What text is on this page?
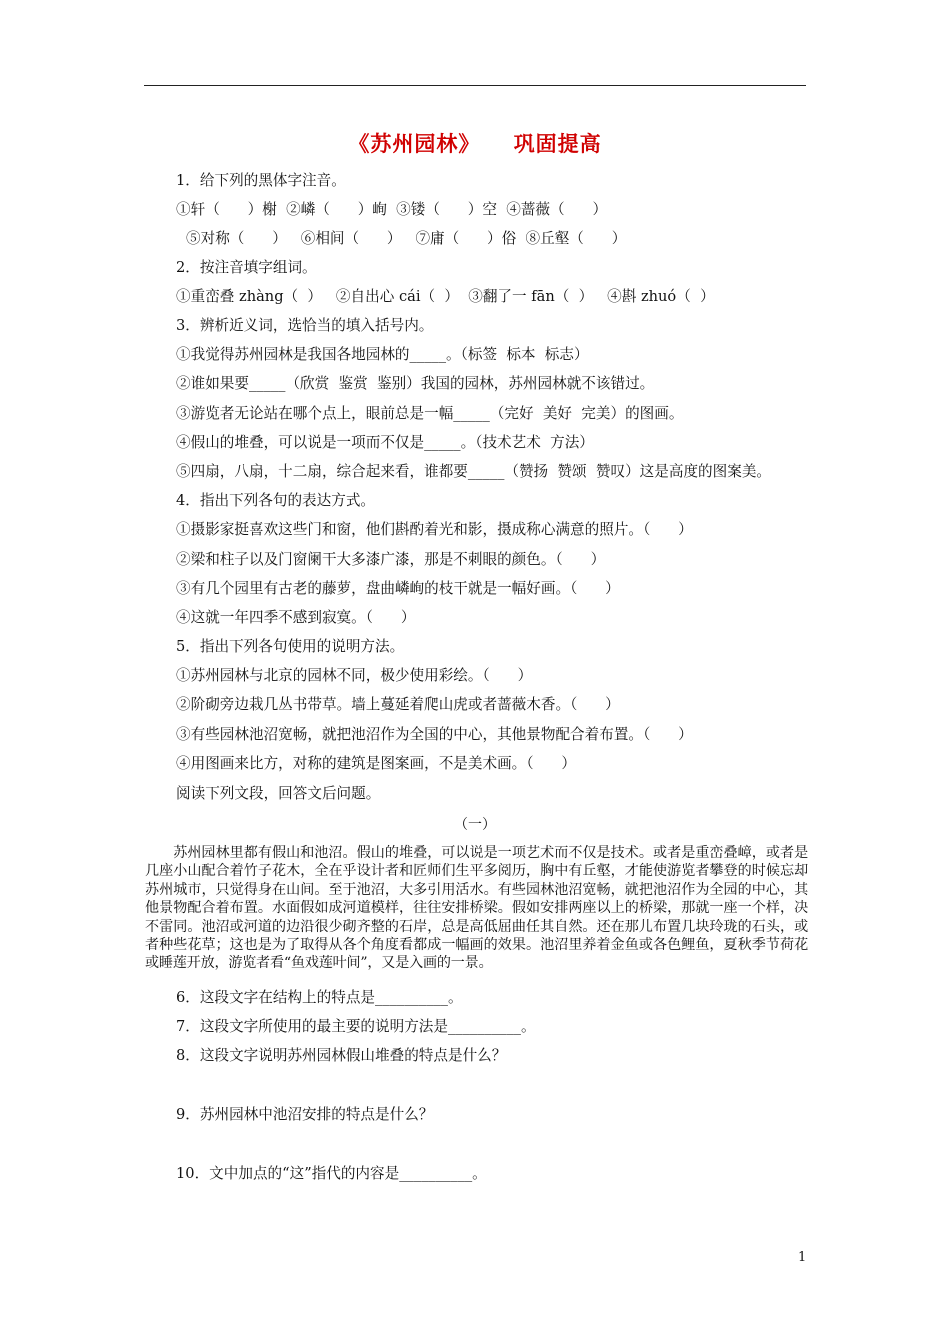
《苏州园林》    巩固提高
1．给下列的黑体字注音。
①轩（      ）榭  ②嶙（      ）峋  ③镂（      ）空  ④蔷薇（      ）
⑤对称（      ）   ⑥相间（      ）   ⑦庸（      ）俗  ⑧丘壑（      ）
2．按注音填字组词。
①重峦叠 zhàng（  ）   ②自出心 cái（  ）  ③翻了一 fān（  ）   ④斟 zhuó（  ）
3．辨析近义词，选恰当的填入括号内。
①我觉得苏州园林是我国各地园林的_____。（标签  标本  标志）
②谁如果要_____（欣赏  鉴赏  鉴别）我国的园林，苏州园林就不该错过。
③游览者无论站在哪个点上，眼前总是一幅_____（完好  美好  完美）的图画。
④假山的堆叠，可以说是一项而不仅是_____。（技术艺术  方法）
⑤四扇，八扇，十二扇，综合起来看，谁都要_____（赞扬  赞颂  赞叹）这是高度的图案美。
4．指出下列各句的表达方式。
①摄影家挺喜欢这些门和窗，他们斟酌着光和影，摄成称心满意的照片。（      ）
②梁和柱子以及门窗阑干大多漆广漆，那是不刺眼的颜色。（      ）
③有几个园里有古老的藤萝，盘曲嶙峋的枝干就是一幅好画。（      ）
④这就一年四季不感到寂寞。（      ）
5．指出下列各句使用的说明方法。
①苏州园林与北京的园林不同，极少使用彩绘。（      ）
②阶砌旁边栽几丛书带草。墙上蔓延着爬山虎或者蔷薇木香。（      ）
③有些园林池沼宽畅，就把池沼作为全国的中心，其他景物配合着布置。（      ）
④用图画来比方，对称的建筑是图案画，不是美术画。（      ）
阅读下列文段，回答文后问题。
（一）
苏州园林里都有假山和池沼。假山的堆叠，可以说是一项艺术而不仅是技术。或者是重峦叠嶂，或者是几座小山配合着竹子花木，全在乎设计者和匠师们生平多阅历，胸中有丘壑，才能使游览者攀登的时候忘却苏州城市，只觉得身在山间。至于池沼，大多引用活水。有些园林池沼宽畅，就把池沼作为全园的中心，其他景物配合着布置。水面假如成河道模样，往往安排桥梁。假如安排两座以上的桥梁，那就一座一个样，决不雷同。池沼或河道的边沿很少砌齐整的石岸，总是高低屈曲任其自然。还在那儿布置几块玲珑的石头，或者种些花草；这也是为了取得从各个角度看都成一幅画的效果。池沼里养着金鱼或各色鲤鱼，夏秋季节荷花或睡莲开放，游览者看“鱼戏莲叶间”，又是入画的一景。
6．这段文字在结构上的特点是__________。
7．这段文字所使用的最主要的说明方法是__________。
8．这段文字说明苏州园林假山堆叠的特点是什么？
9．苏州园林中池沼安排的特点是什么？
10．文中加点的“这”指代的内容是__________。
1
